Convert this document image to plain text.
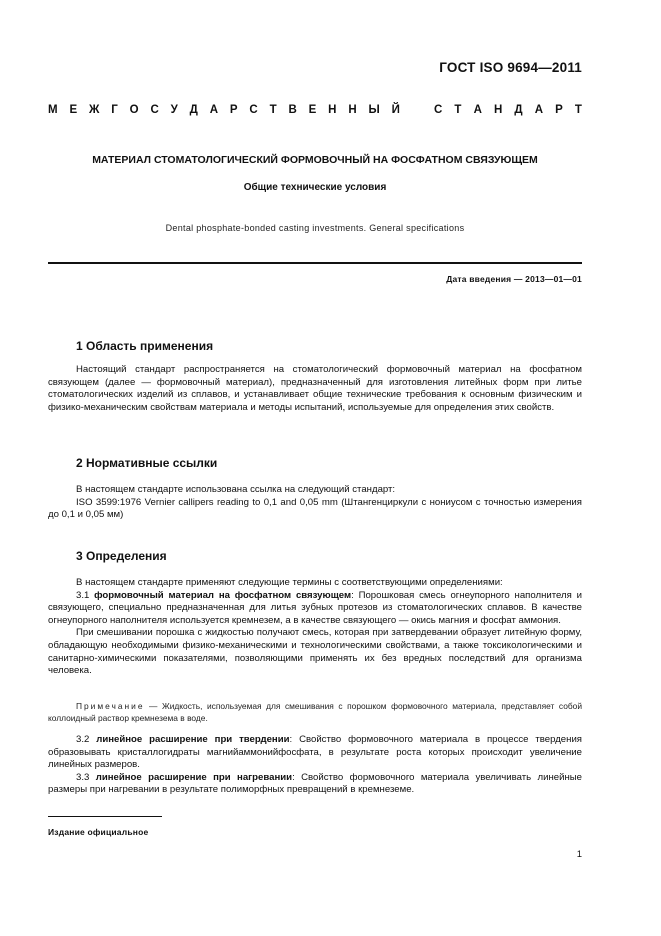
ГОСТ ISO 9694—2011
М Е Ж Г О С У Д А Р С Т В Е Н Н Ы Й	С Т А Н Д А Р Т
МАТЕРИАЛ СТОМАТОЛОГИЧЕСКИЙ ФОРМОВОЧНЫЙ НА ФОСФАТНОМ СВЯЗУЮЩЕМ
Общие технические условия
Dental phosphate-bonded casting investments. General specifications
Дата введения — 2013—01—01
1 Область применения

Настоящий стандарт распространяется на стоматологический формовочный материал на фосфатном связующем (далее — формовочный материал), предназначенный для изготовления литейных форм при литье стоматологических изделий из сплавов, и устанавливает общие технические требования к основным физическим и физико-механическим свойствам материала и методы испытаний, используемые для определения этих свойств.

2 Нормативные ссылки

В настоящем стандарте использована ссылка на следующий стандарт:

ISO 3599:1976 Vernier callipers reading to 0,1 and 0,05 mm (Штангенциркули с нониусом с точностью измерения до 0,1 и 0,05 мм)

3 Определения

В настоящем стандарте применяют следующие термины с соответствующими определениями:

3.1 формовочный материал на фосфатном связующем: Порошковая смесь огнеупорного наполнителя и связующего, специально предназначенная для литья зубных протезов из стоматологических сплавов. В качестве огнеупорного наполнителя используется кремнезем, а в качестве связующего — окись магния и фосфат аммония.

При смешивании порошка с жидкостью получают смесь, которая при затвердевании образует литейную форму, обладающую необходимыми физико-механическими и технологическими свойствами, а также токсикологическими и санитарно-химическими показателями, позволяющими применять их без вредных последствий для организма человека.

Примечание — Жидкость, используемая для смешивания с порошком формовочного материала, представляет собой коллоидный раствор кремнезема в воде.

3.2 линейное расширение при твердении: Свойство формовочного материала в процессе твердения образовывать кристаллогидраты магнийаммонийфосфата, в результате роста которых происходит увеличение линейных размеров.

3.3 линейное расширение при нагревании: Свойство формовочного материала увеличивать линейные размеры при нагревании в результате полиморфных превращений в кремнеземе.

Издание официальное
1
